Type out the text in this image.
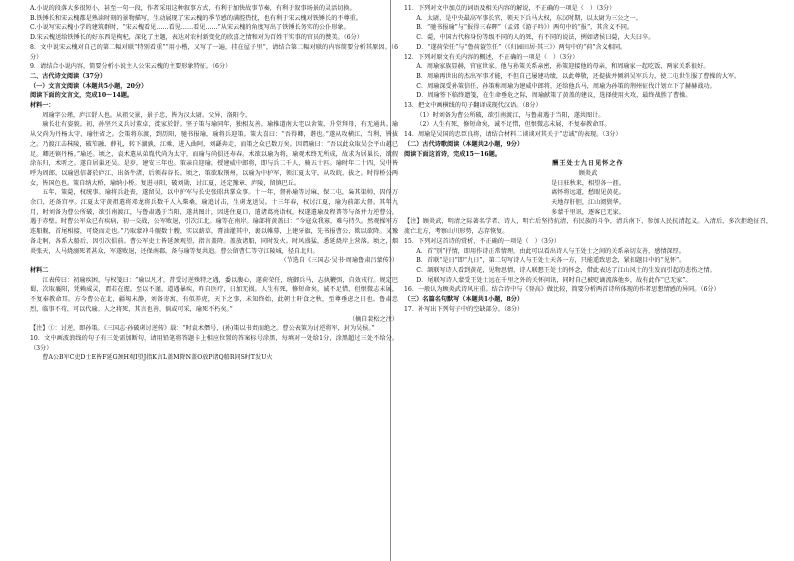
A.小说的段落大多很短小，甚至一句一段，作者采用这种叙事方式，有利于加快故事节奏，有利于叙事场景的灵活切换。

B.铁锤长和宋云槐都是熟读时刻的景物描写，生动展现了宋云槐的季节感的满腔热忱，也有利于宋云槐对铁锤长的不尊重。

C.小说写宋云槐小学的建筑群时，“宋云槐看见……看见……看见……”从宋云槐的角度写出了铁锤长务实的公仆形象。

D.宋云槐送给铁锤长的好东西是枸杞，深化了主题，表达对农村新变化的欣喜之情和对为百姓干实事的官员的赞美。（6分）

8．文中说宋云槐对自己的第二幅对联“特别看重”“用小楷，又写了一遍，挂在屋子里”，请结合第二幅对联的内容简要分析其原因。（6分）

9．请结合小说内容，简要分析小说主人公宋云槐的主要形象特征。（6分）

二、古代诗文阅读（37分）

（一）文言文阅读（本题共5小题，20分）

阅读下面的文言文，完成10～14题。

材料一：

周瑜字公瑾，庐江舒人也。从祖父景，景子忠，皆为汉太尉。父异，洛阳令。

瑜长壮有姿貌。初，孙坚兴义兵讨董卓，徙家於舒。坚子策与瑜同年，独相友善。瑜推道南大宅以舍策，升堂拜母，有无通共。瑜从父尚为丹杨太守，瑜往省之。会策将东渡，到历阳，驰书报瑜，瑜将兵迎策。策大喜曰：“吾得卿，谐也。”遂从攻横江、当利，皆拔之。乃渡江击秣陵，破笮融、薛礼，转下湖孰、江乘，进入曲阿，刘繇奔走，而策之众已数万矣。因谓瑜曰：“吾以此众取吴会平山越已足。卿还镇丹杨。”瑜还。顷之，袁术遣从弟胤代尚为太守，而瑜与尚俱还寿春。术欲以瑜为将，瑜观术终无所成，故求为居巢长，欲假涂东归，术听之。遂自居巢还吴。是岁，建安三年也。策亲自迎瑜，授建威中郎将，即与兵二千人，骑五十匹。瑜时年二十四，吴中皆呼为周郎。以瑜恩信著於庐江，出备牛渚，后领春谷长。顷之，策欲取荆州，以瑜为中护军，领江夏太守，从攻皖，拔之。时得桥公两女，皆国色也。策自纳大桥，瑜纳小桥。复进寻阳，破刘勋，讨江夏，还定豫章、庐陵，留镇巴丘。

五年，策薨，权统事。瑜将兵赴丧，遂留吴，以中护军与长史张昭共掌众事。十一年，督孙瑜等讨麻、保二屯，枭其渠帅，囚俘万余口，还备宫亭。江夏太守黄祖遣将邓龙将兵数千人入柴桑，瑜追讨击，生虏龙送吴。十三年春，权讨江夏，瑜为前部大督。其年九月，时刘备为曹公所破，欲引南渡江，与鲁肃遇于当阳，遂共图计，因进住夏口，遣诸葛亮诣权，权遂遣瑜及程普等与备并力逆曹公，遇于赤壁。时曹公军众已有疾病，初一交战，公军败退，引次江北。瑜等在南岸。瑜部将黄盖曰：“今寇众我寡，难与持久。然观操军方连船舰，首尾相接，可烧而走也。”乃取蒙冲斗舰数十艘，实以薪草，膏油灌其中，裹以帷幕，上建牙旗，先书报曹公，欺以欲降。又豫备走舸，各系大船后，因引次俱前。曹公军吏士皆延颈观望，指言盖降。盖放诸船，同时发火。时风盛猛，悉延烧岸上营落。顷之，烟炎张天，人马烧溺死者甚众，军遂败退，还保南郡。备与瑜等复共追。曹公留曹仁等守江陵城，径自北归。

（节选自《三国志·吴书·周瑜鲁肃吕蒙传》）

材料二

江表传曰：初瑜疾困，与权笺曰：“瑜以凡才，昔受讨逆殊特之遇，委以腹心，遂荷荣任，统御兵马，志执鞭弭，自效戎行。规定巴蜀，次取襄阳，凭赖威灵，谓若在握。至以不谨，道遇暴疾，昨自医疗，日加无损。人生有死，修短命矣，诚不足惜，但恨微志未展，不复奉教命耳。方今曹公在北，疆埸未静，刘备寄寓，有似养虎，天下之事，未知终始，此朝士旰食之秋，至尊垂虑之日也。鲁肃忠烈，临事不苟，可以代瑜。人之将死，其言也善，倘或可采，瑜死不朽矣。”

（摘自裴松之注）

【注】①：讨逆，即孙策。《三国志·孙破虏讨逆传》载：“时袁术僭号，(孙)策以书责而绝之。曹公表策为讨逆将军，封为吴侯。”

10．文中画波浪线的句子有三处需加断句，请用铅笔将答题卡上相应位置的答案标号涂黑，每填对一处给1分，涂黑超过三处不给分。（3分）

曹A公B军C吏D士E皆F延G颈H观I望J指K言L盖M降N盖O放P诸Q船R同S时T发U火

11．下列对文中加点的词语及相关内容的解说，不正确的一项是（　）（3分）

A．太尉，是中央最高军事长官，领天下兵马大权，东汉时期，以太尉为三公之一。

B．“驰书报瑜”与“报得三春晖”（孟郊《游子吟》）两句中的“报”，其含义不同。

C．薨，中国古代称身份等级不同的人的死，有不同的说法，例如诸侯曰薨，大夫曰卒。

D．“遂荷荣任”与“鲁荷蓑笠任”（《归园田居·其三》）两句中的“荷”含义相同。

12．下列对原文有关内容的概述，不正确的一项是（　）（3分）

A．周瑜家族显赫，官宦世家。他与孙策关系亲密，孙策迎接他的母亲，和周瑜家一起吃饭，两家关系很好。

B．周瑜再世出的杰出军事才能，不但自己屡建功绩，以此尊敬，还提拔并倾斜吴军兵力，使二屯世生服了曹操的大军。

C．周瑜深受孙策信任，孙策称周瑜为建威中郎将，还给他兵马，周瑜为孙策的荆州征伐计划立下了赫赫战功。

D．周瑜签下临终遗笺，在生命垂危之际，周瑜献策了黄盖的建议，选择使用火攻，最终战胜了曹操。

13．把文中画横线的句子翻译成现代汉语。（8分）

（1）时刘备为曹公所破，欲引南渡江，与鲁肃遇于当阳，遂共图计。

（2）人生有死，修短命矣，诚不足惜，但恨微志未展，不复奉教命耳。

14．周瑜是吴国的忠臣良将，请结合材料二谈谈对其关于“忠诚”的表现。（3分）

（二）古代诗歌阅读（本题共2小题，9分）

阅读下面这首诗，完成15～16题。

酬王处士九日见怀之作

顾炎武

是日驻秋来，相望各一涯。

离怀将远道，愁眼见黄花。

天地存肝胆，江山阅鬓华。

多蒙千里讯，逐客已无家。

【注】顾炎武，明清之际著名学者、诗人，明亡后坚持抗清，有民族的斗争，清兵南下，参加人民抗清起义。入清后，多次拒绝征召，流亡北方，考察山川形势，志存恢复。

15．下列对这首诗的赏析，不正确的一项是（　）（3分）

A．首“别”抒情，即用作诗正常情理，由此可以看出诗人与王处士之间的关系亲切友善，感情深厚。

B．首联“是日”即“九日”，第二句写诗人与王处士天各一方，只能遥致思念，紧扣题目中的“见怀”。

C．颔联写诗人看到黄花，见物思情，诗人联想王处士的怀念，借此表达了江山风土的生发而引起的悲伤之情。

D．尾联写诗人蒙受王处士远在千里之外的关怀问讯，同时自己被贬谪流落他乡，故有此作“已无家”。

16．一般认为顾炎武诗风庄重。结合诗中与《登高》做比较，简要分析两首诗所体现的作者思想情感的异同。（6分）

（三）名篇名句默写（本题共1小题，8分）

17．补写出下列句子中的空缺部分。（8分）
